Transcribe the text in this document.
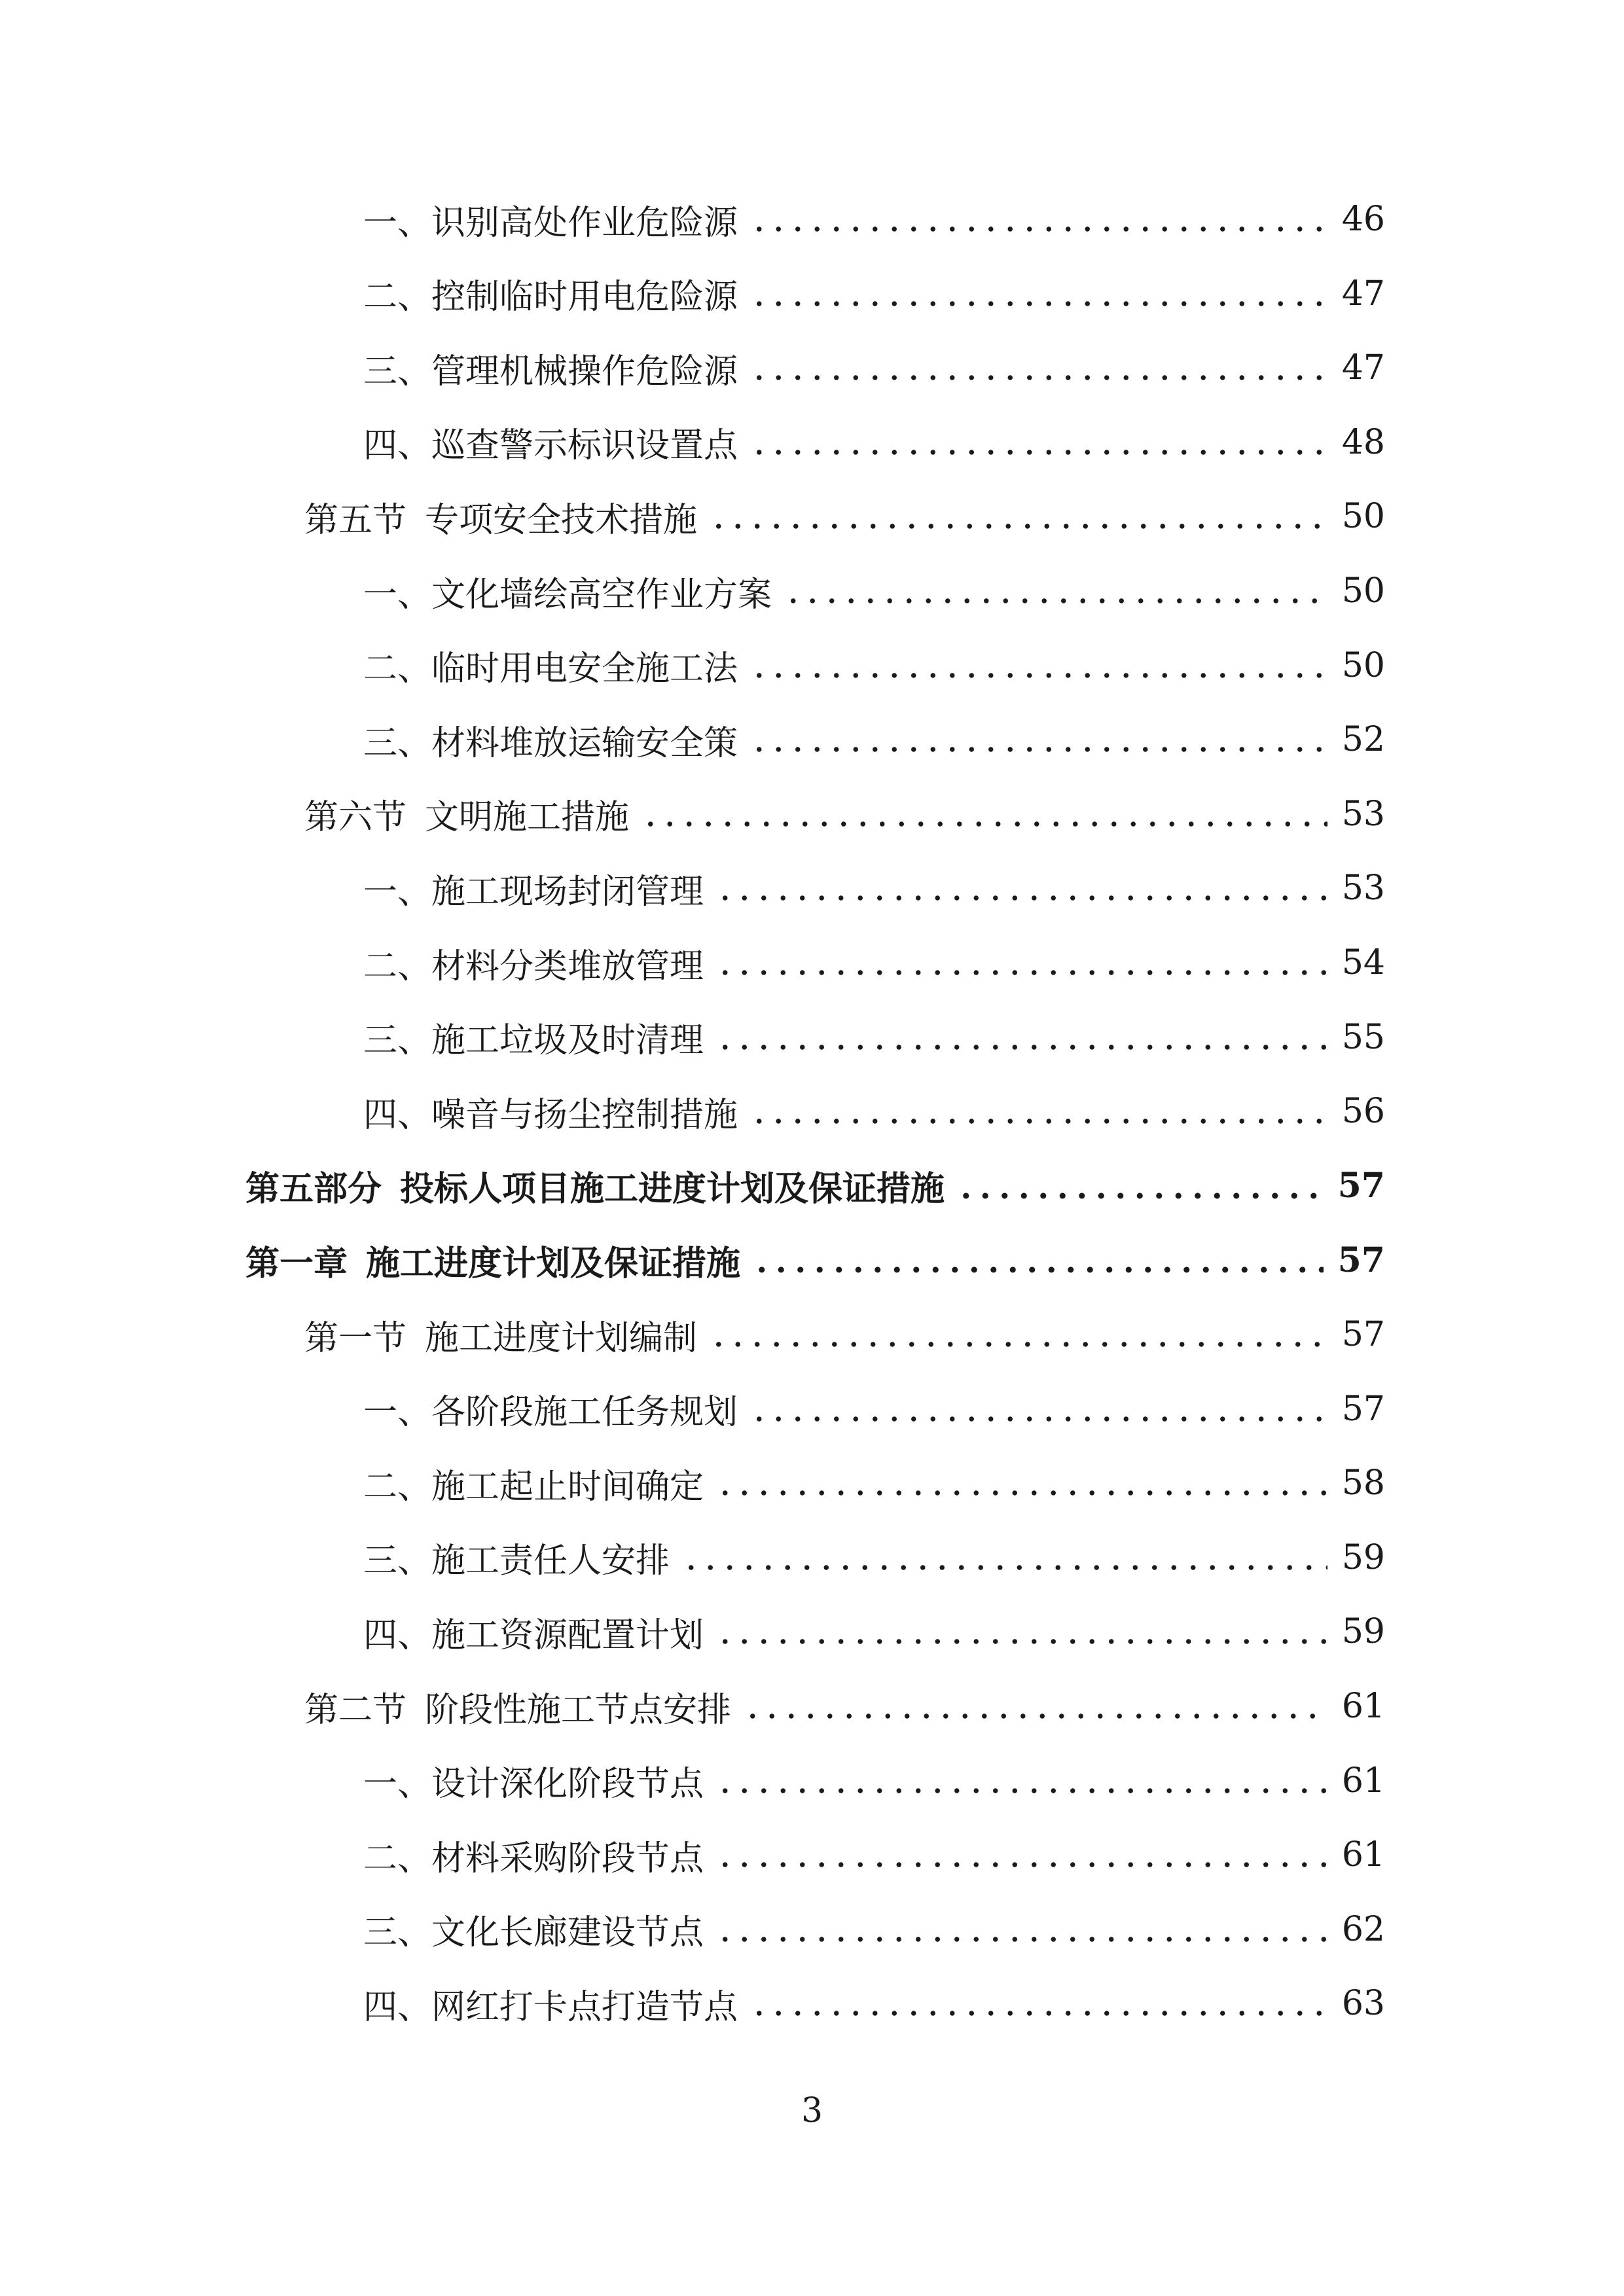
一、 识别高处作业危险源	46
二、 控制临时用电危险源	47
三、 管理机械操作危险源	47
四、 巡查警示标识设置点	48
第五节 专项安全技术措施	50
一、 文化墙绘高空作业方案	50
二、 临时用电安全施工法	50
三、 材料堆放运输安全策	52
第六节 文明施工措施	53
一、 施工现场封闭管理	53
二、 材料分类堆放管理	54
三、 施工垃圾及时清理	55
四、 噪音与扬尘控制措施	56
第五部分 投标人项目施工进度计划及保证措施	57
第一章 施工进度计划及保证措施	57
第一节 施工进度计划编制	57
一、 各阶段施工任务规划	57
二、 施工起止时间确定	58
三、 施工责任人安排	59
四、 施工资源配置计划	59
第二节 阶段性施工节点安排	61
一、 设计深化阶段节点	61
二、 材料采购阶段节点	61
三、 文化长廊建设节点	62
四、 网红打卡点打造节点	63
3
